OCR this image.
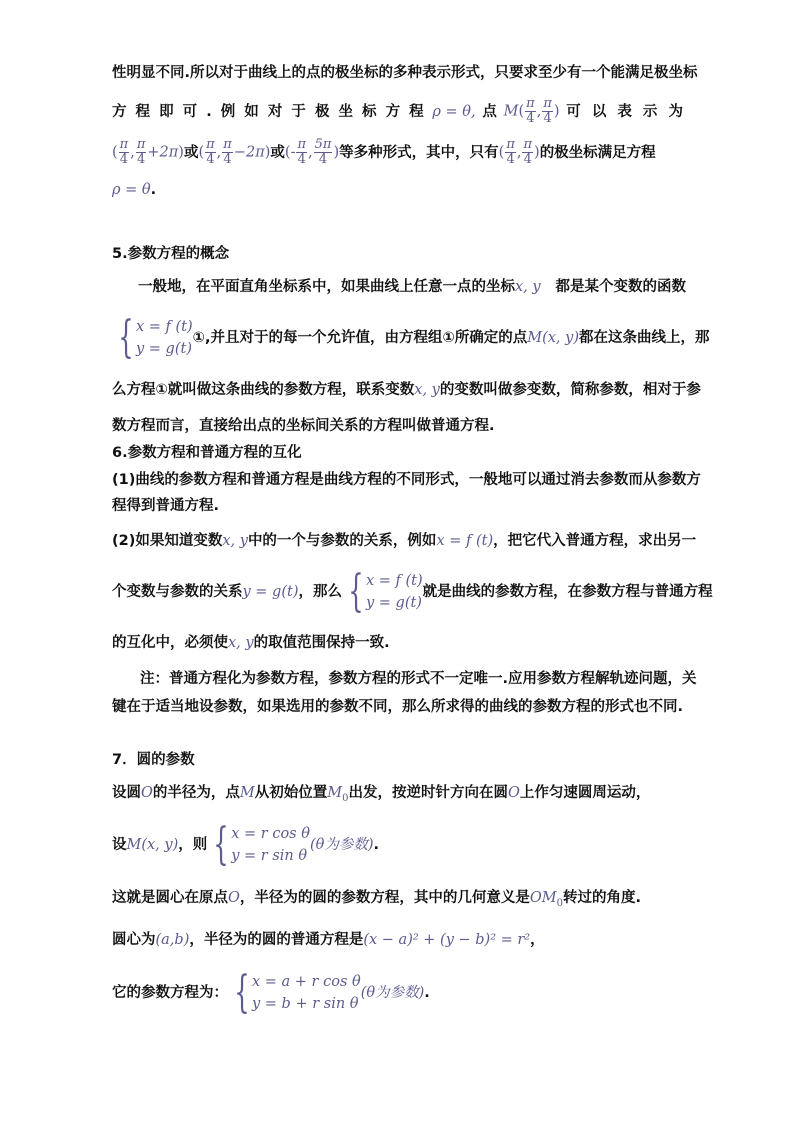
性明显不同.所以对于曲线上的点的极坐标的多种表示形式，只要求至少有一个能满足极坐标
方 程 即 可 . 例 如 对 于 极 坐 标 方 程 ρ = θ, 点 $M( \frac{\pi}{4}$ , $\frac{\pi}{4}$ ) 可 以 表 示 为
( $\frac{\pi}{4}$ , $\frac{\pi}{4} +2\pi$) 或 ( $\frac{\pi}{4}$ , $\frac{\pi}{4} -2\pi$) 或 (- $\frac{\pi}{4}$ , $\frac{5\pi}{4}$ ) 等多种形式，其中，只有 ( $\frac{\pi}{4}$ , $\frac{\pi}{4}$ ) 的极坐标满足方程
ρ = θ.
5.参数方程的概念
一般地，在平面直角坐标系中，如果曲线上任意一点的坐标x, y 都是某个变数的函数
{ x = f (t)
y = g(t)
①,并且对于的每一个允许值，由方程组①所确定的点 M(x, y) 都在这条曲线上，那
么方程①就叫做这条曲线的参数方程，联系变数x, y 的变数叫做参变数，简称参数，相对于参
数方程而言，直接给出点的坐标间关系的方程叫做普通方程.
6.参数方程和普通方程的互化
(1)曲线的参数方程和普通方程是曲线方程的不同形式，一般地可以通过消去参数而从参数方
程得到普通方程.
(2)如果知道变数x, y中的一个与参数的关系，例如x = f (t) ，把它代入普通方程，求出另一
个变数与参数的关系 y = g(t) ，那么 { x = f (t)
y = g(t)
就是曲线的参数方程，在参数方程与普通方程
的互化中，必须使x, y的取值范围保持一致.
注：普通方程化为参数方程，参数方程的形式不一定唯一.应用参数方程解轨迹问题，关
键在于适当地设参数，如果选用的参数不同，那么所求得的曲线的参数方程的形式也不同.
7．圆的参数
设圆O的半径为，点M从初始位置$M_0$出发，按逆时针方向在圆O上作匀速圆周运动，
设 M(x, y) ，则 { x = r cos θ
y = r sin θ
(θ为参数) .
这就是圆心在原点O，半径为的圆的参数方程，其中的几何意义是$OM_0$转过的角度.
圆心为(a,b)，半径为的圆的普通方程是(x − a)² + (y − b)² = r²，
它的参数方程为： { x = a + r cos θ
y = b + r sin θ
(θ为参数) .
